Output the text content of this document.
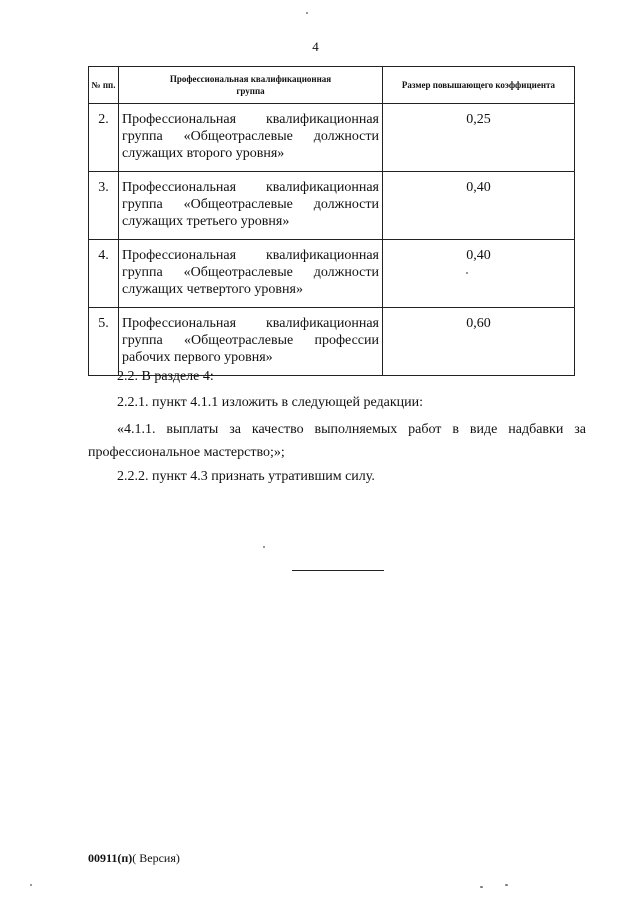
4
№ пп.	Профессиональная квалификационная группа	Размер повышающего коэффициента

2.	Профессиональная квалификационная группа «Общеотраслевые должности служащих второго уровня»	0,25
3.	Профессиональная квалификационная группа «Общеотраслевые должности служащих третьего уровня»	0,40
4.	Профессиональная квалификационная группа «Общеотраслевые должности служащих четвертого уровня»	0,40
5.	Профессиональная квалификационная группа «Общеотраслевые профессии рабочих первого уровня»	0,60

2.2. В разделе 4:

2.2.1. пункт 4.1.1 изложить в следующей редакции:

«4.1.1. выплаты за качество выполняемых работ в виде надбавки за профессиональное мастерство;»;

2.2.2. пункт 4.3 признать утратившим силу.

00911(п)( Версия)
